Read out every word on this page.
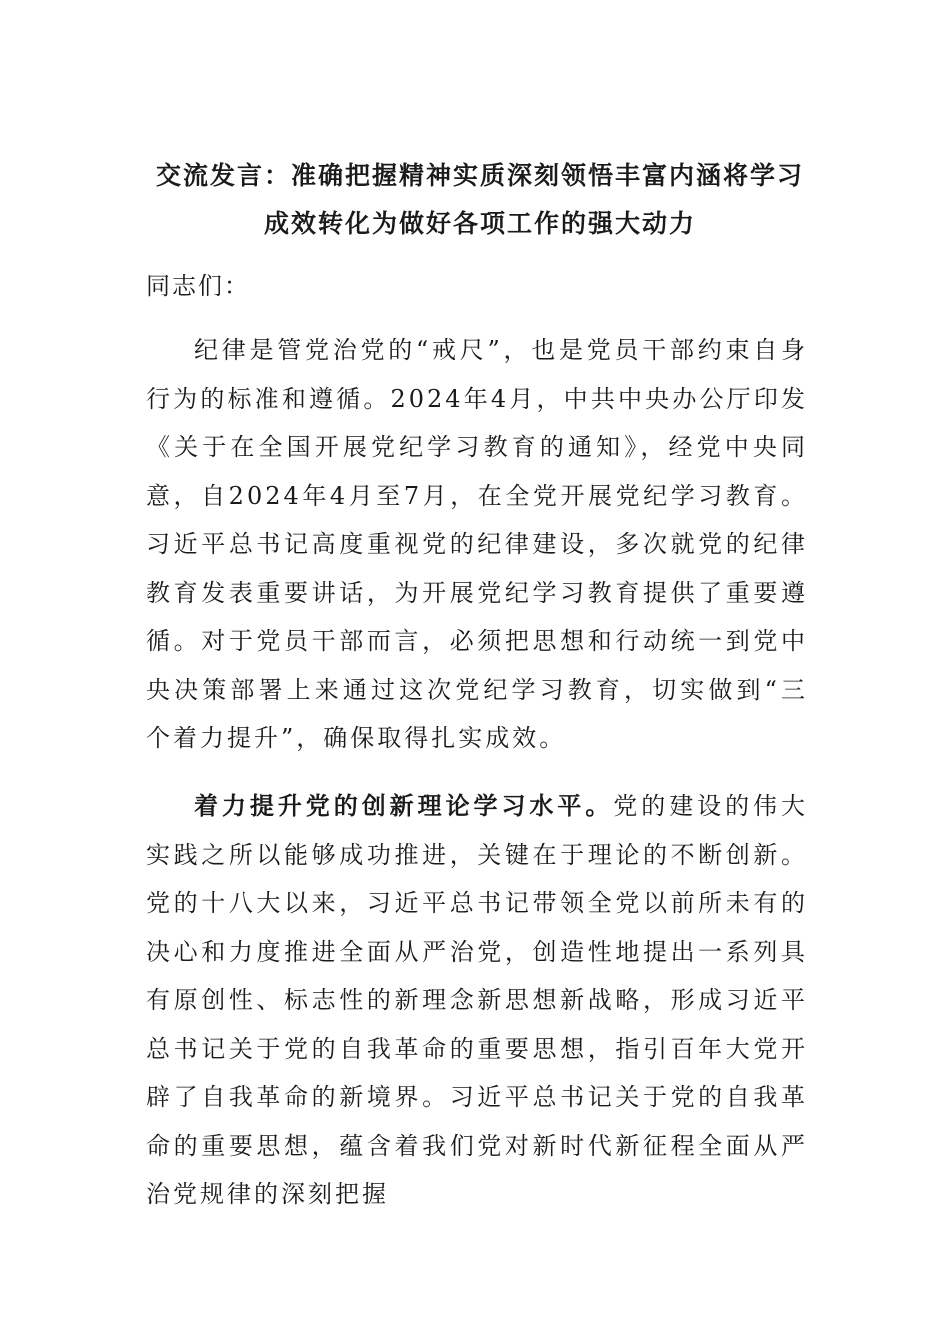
交流发言：准确把握精神实质深刻领悟丰富内涵将学习成效转化为做好各项工作的强大动力

同志们：

纪律是管党治党的“戒尺”，也是党员干部约束自身行为的标准和遵循。2024年4月，中共中央办公厅印发《关于在全国开展党纪学习教育的通知》，经党中央同意，自2024年4月至7月，在全党开展党纪学习教育。习近平总书记高度重视党的纪律建设，多次就党的纪律教育发表重要讲话，为开展党纪学习教育提供了重要遵循。对于党员干部而言，必须把思想和行动统一到党中央决策部署上来通过这次党纪学习教育，切实做到“三个着力提升”，确保取得扎实成效。

着力提升党的创新理论学习水平。党的建设的伟大实践之所以能够成功推进，关键在于理论的不断创新。党的十八大以来，习近平总书记带领全党以前所未有的决心和力度推进全面从严治党，创造性地提出一系列具有原创性、标志性的新理念新思想新战略，形成习近平总书记关于党的自我革命的重要思想，指引百年大党开辟了自我革命的新境界。习近平总书记关于党的自我革命的重要思想，蕴含着我们党对新时代新征程全面从严治党规律的深刻把握
